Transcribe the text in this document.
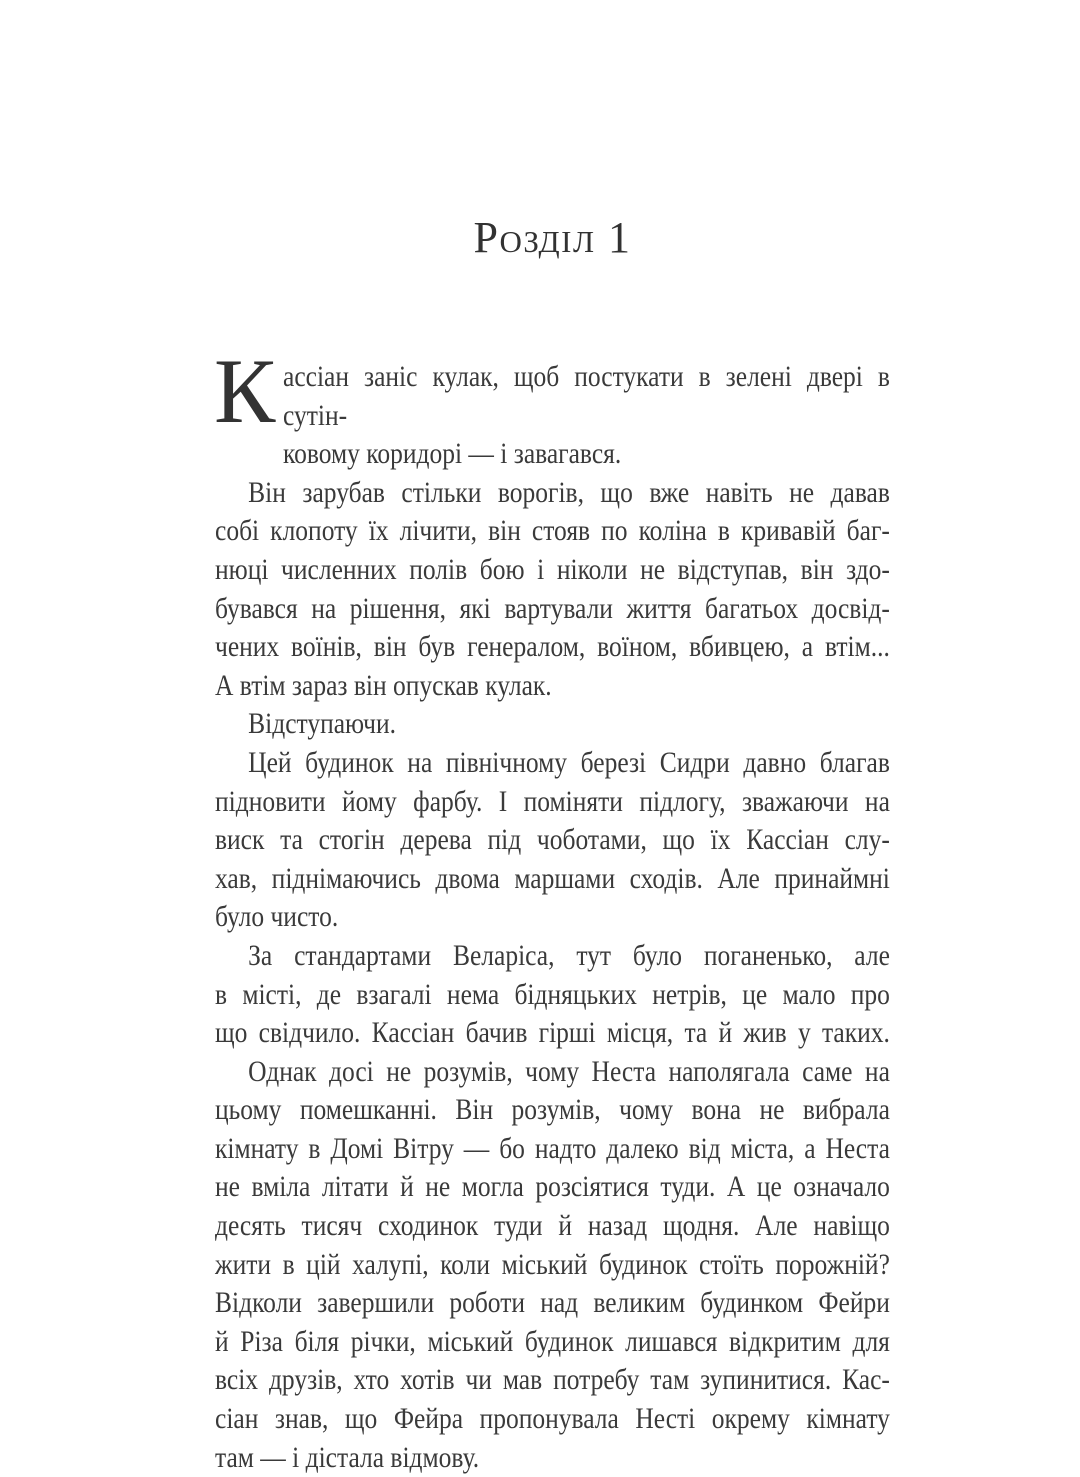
Розділ 1
К ассіан заніс кулак, щоб постукати в зелені двері в сутін-
ковому коридорі — і завагався.
Він зарубав стільки ворогів, що вже навіть не давав
собі клопоту їх лічити, він стояв по коліна в кривавій баг-
нюці численних полів бою і ніколи не відступав, він здо-
бувався на рішення, які вартували життя багатьох досвід-
чених воїнів, він був генералом, воїном, вбивцею, а втім...
А втім зараз він опускав кулак.
Відступаючи.
Цей будинок на північному березі Сидри давно благав
підновити йому фарбу. І поміняти підлогу, зважаючи на
виск та стогін дерева під чоботами, що їх Кассіан слу-
хав, піднімаючись двома маршами сходів. Але принаймні
було чисто.
За стандартами Веларіса, тут було поганенько, але
в місті, де взагалі нема бідняцьких нетрів, це мало про
що свідчило. Кассіан бачив гірші місця, та й жив у таких.
Однак досі не розумів, чому Неста наполягала саме на
цьому помешканні. Він розумів, чому вона не вибрала
кімнату в Домі Вітру — бо надто далеко від міста, а Неста
не вміла літати й не могла розсіятися туди. А це означало
десять тисяч сходинок туди й назад щодня. Але навіщо
жити в цій халупі, коли міський будинок стоїть порожній?
Відколи завершили роботи над великим будинком Фейри
й Різа біля річки, міський будинок лишався відкритим для
всіх друзів, хто хотів чи мав потребу там зупинитися. Кас-
сіан знав, що Фейра пропонувала Несті окрему кімнату
там — і дістала відмову.
